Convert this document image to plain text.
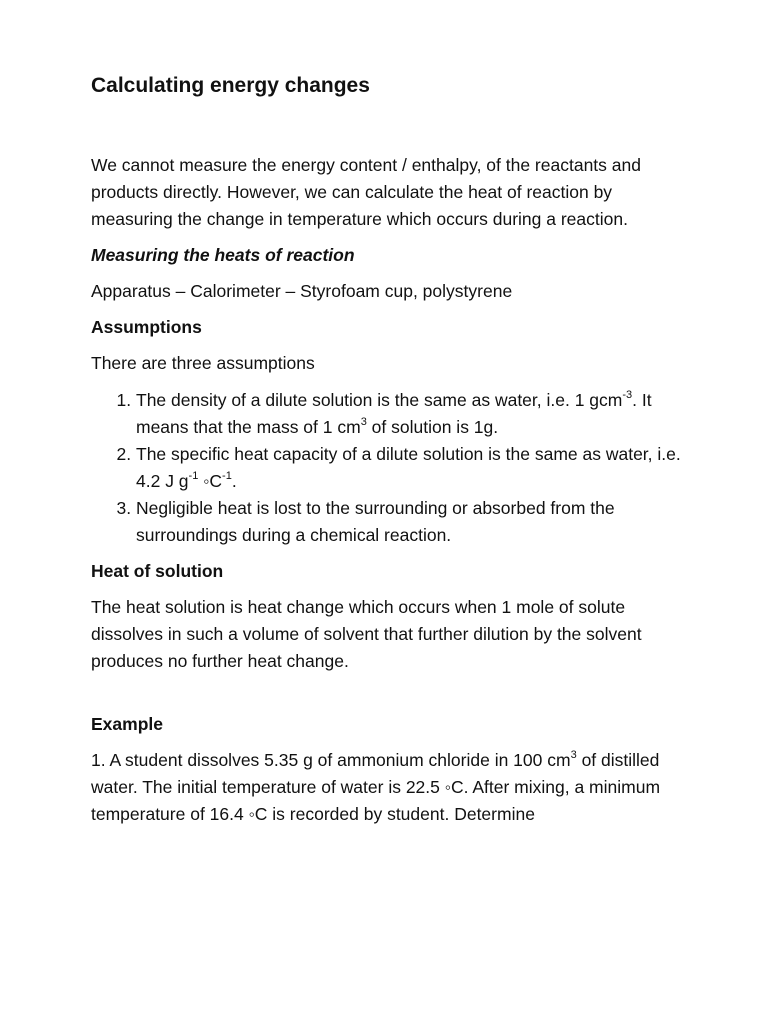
Calculating energy changes

We cannot measure the energy content / enthalpy, of the reactants and products directly. However, we can calculate the heat of reaction by measuring the change in temperature which occurs during a reaction.

Measuring the heats of reaction

Apparatus – Calorimeter – Styrofoam cup, polystyrene

Assumptions

There are three assumptions

1. The density of a dilute solution is the same as water, i.e. 1 gcm$^{-3}$. It means that the mass of 1 $cm^3$ of solution is 1g.
2. The specific heat capacity of a dilute solution is the same as water, i.e. 4.2 J $g^{-1}$ $◦C^{-1}$.
3. Negligible heat is lost to the surrounding or absorbed from the surroundings during a chemical reaction.

Heat of solution

The heat solution is heat change which occurs when 1 mole of solute dissolves in such a volume of solvent that further dilution by the solvent produces no further heat change.

Example

1. A student dissolves 5.35 g of ammonium chloride in 100 $cm^3$ of distilled water. The initial temperature of water is 22.5 ◦C. After mixing, a minimum temperature of 16.4 ◦C is recorded by student. Determine
